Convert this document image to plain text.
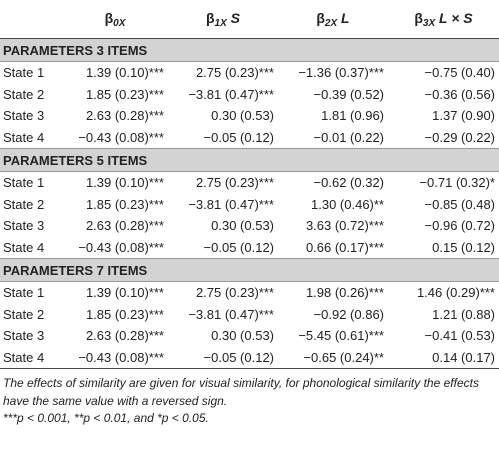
	$\beta_{0X}$	$\beta_{1X}$ S	$\beta_{2X}$ L	$\beta_{3X}$ L × S
PARAMETERS 3 ITEMS				
State 1	1.39 (0.10)***	2.75 (0.23)***	−1.36 (0.37)***	−0.75 (0.40)
State 2	1.85 (0.23)***	−3.81 (0.47)***	−0.39 (0.52)	−0.36 (0.56)
State 3	2.63 (0.28)***	0.30 (0.53)	1.81 (0.96)	1.37 (0.90)
State 4	−0.43 (0.08)***	−0.05 (0.12)	−0.01 (0.22)	−0.29 (0.22)
PARAMETERS 5 ITEMS				
State 1	1.39 (0.10)***	2.75 (0.23)***	−0.62 (0.32)	−0.71 (0.32)*
State 2	1.85 (0.23)***	−3.81 (0.47)***	1.30 (0.46)**	−0.85 (0.48)
State 3	2.63 (0.28)***	0.30 (0.53)	3.63 (0.72)***	−0.96 (0.72)
State 4	−0.43 (0.08)***	−0.05 (0.12)	0.66 (0.17)***	0.15 (0.12)
PARAMETERS 7 ITEMS				
State 1	1.39 (0.10)***	2.75 (0.23)***	1.98 (0.26)***	1.46 (0.29)***
State 2	1.85 (0.23)***	−3.81 (0.47)***	−0.92 (0.86)	1.21 (0.88)
State 3	2.63 (0.28)***	0.30 (0.53)	−5.45 (0.61)***	−0.41 (0.53)
State 4	−0.43 (0.08)***	−0.05 (0.12)	−0.65 (0.24)**	0.14 (0.17)
The effects of similarity are given for visual similarity, for phonological similarity the effects have the same value with a reversed sign.
***p < 0.001, **p < 0.01, and *p < 0.05.
